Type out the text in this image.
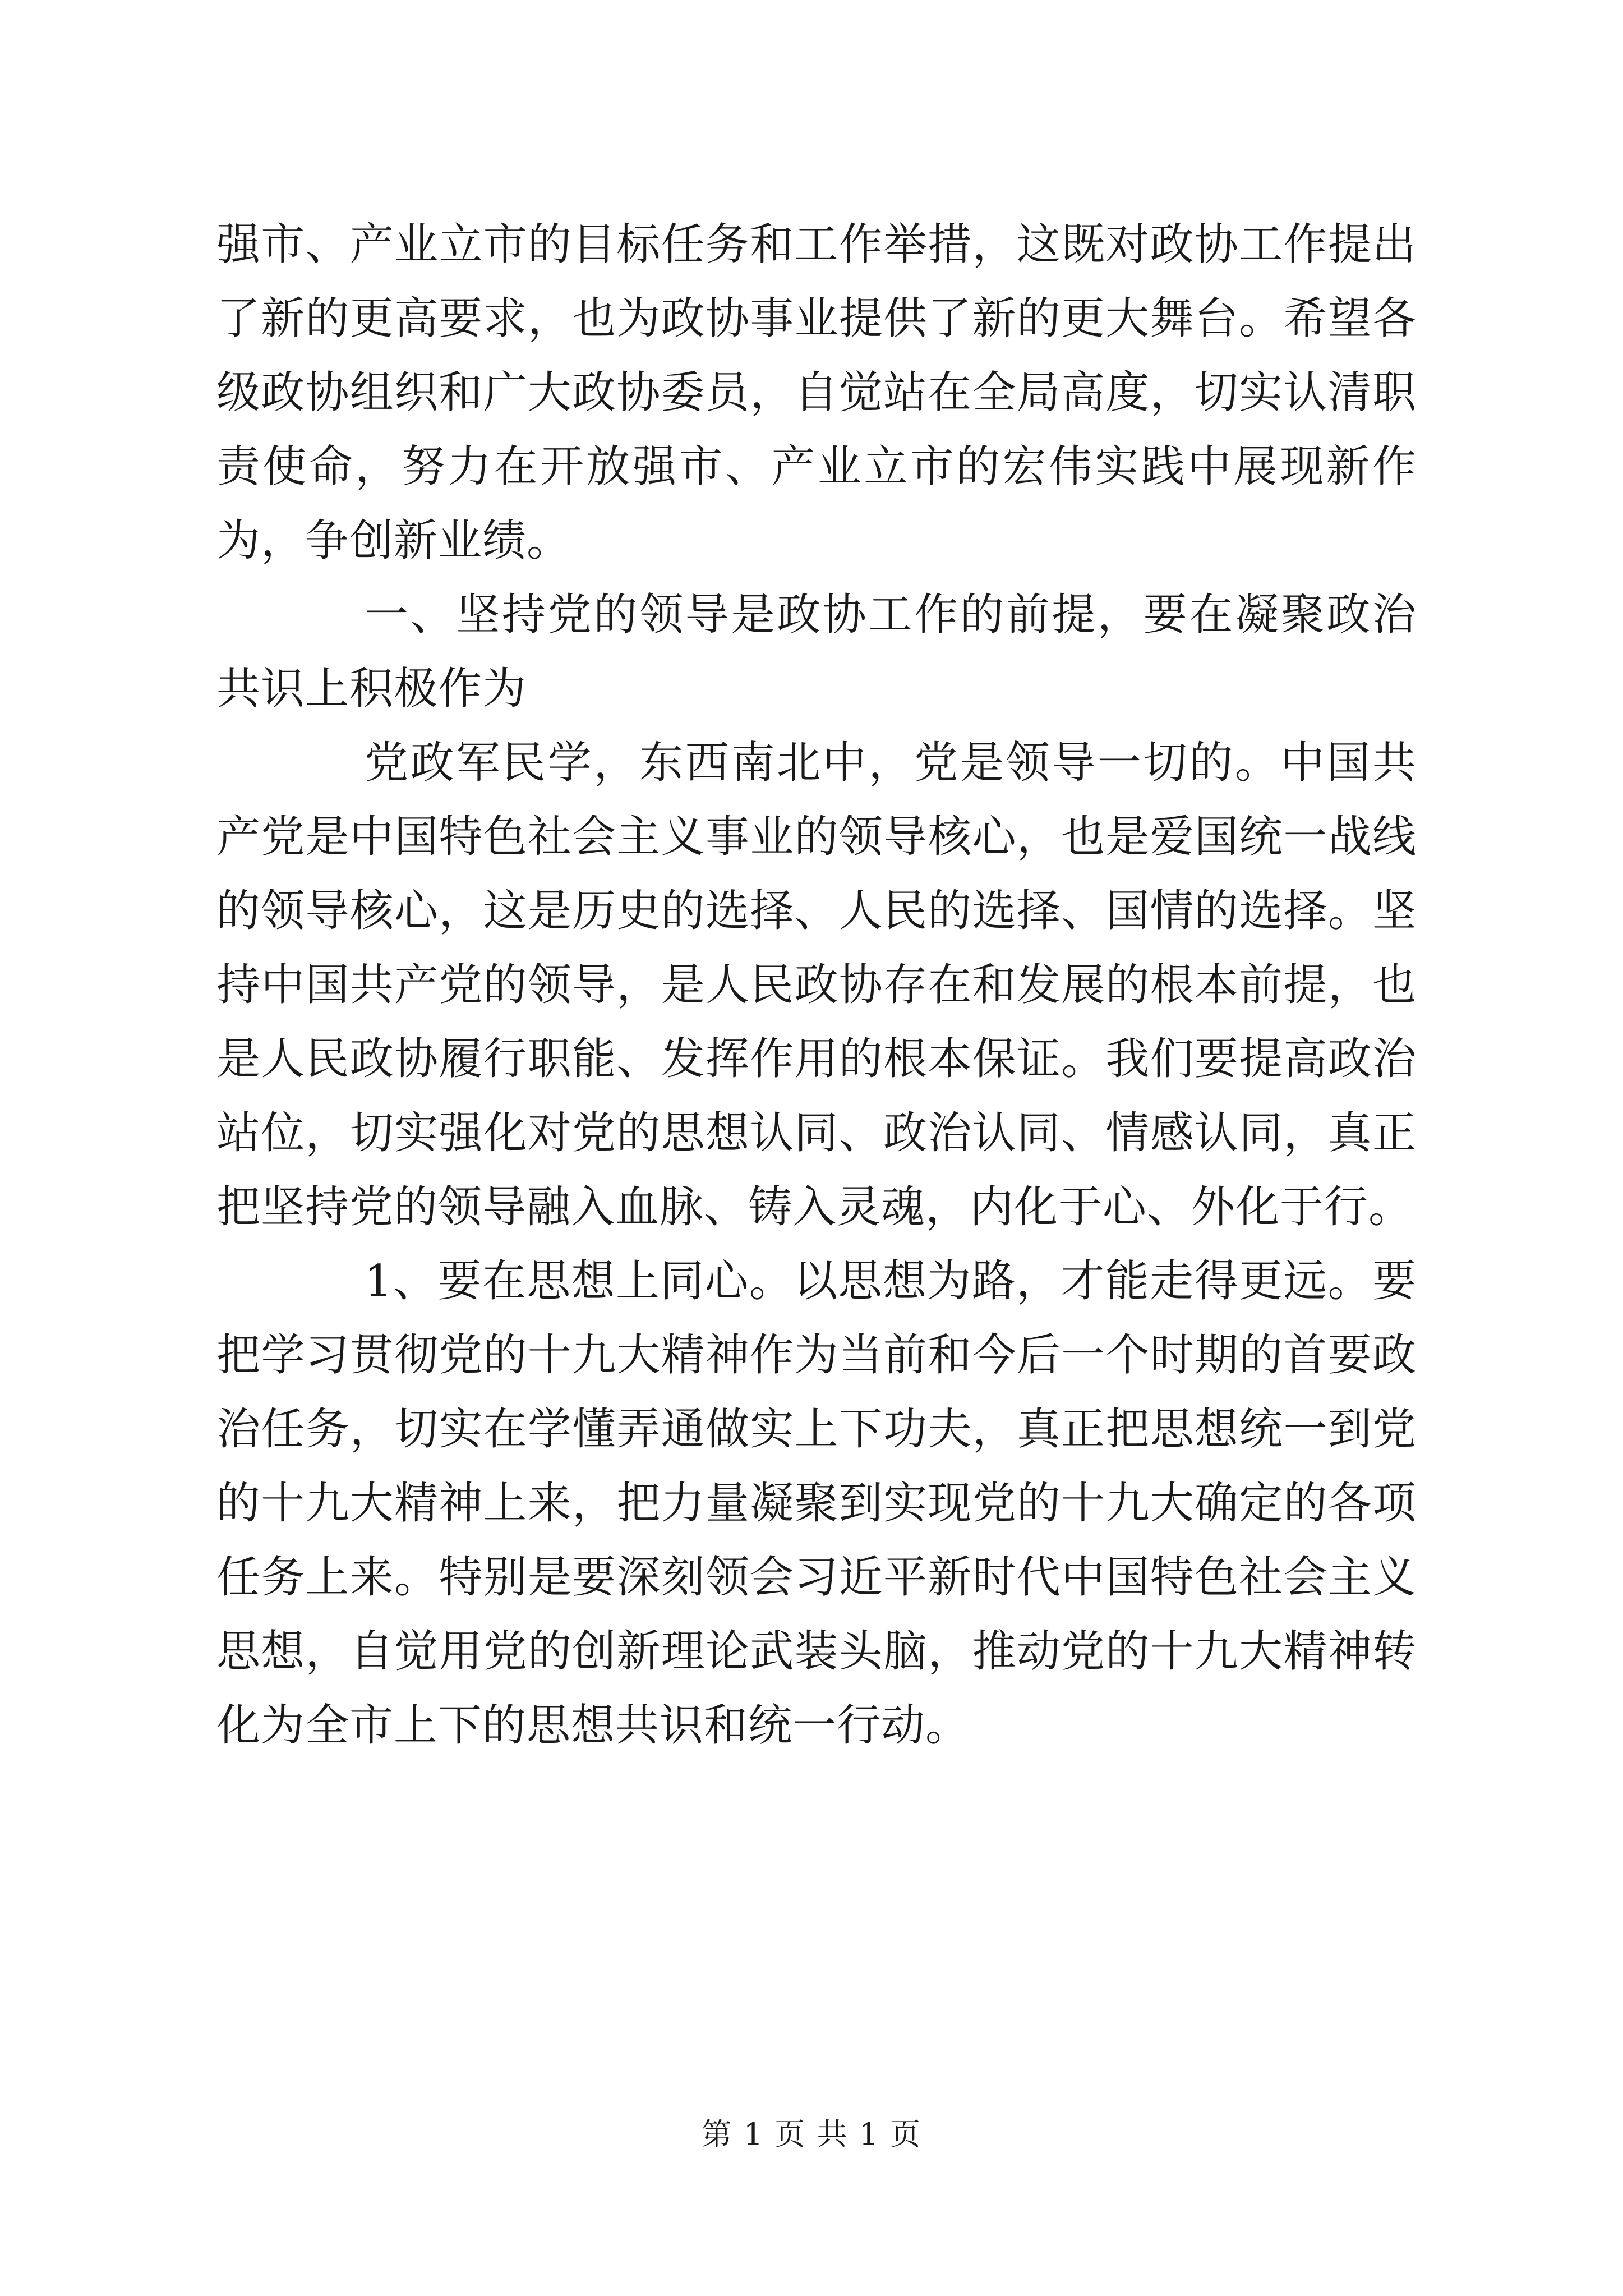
强市、产业立市的目标任务和工作举措，这既对政协工作提出了新的更高要求，也为政协事业提供了新的更大舞台。希望各级政协组织和广大政协委员，自觉站在全局高度，切实认清职责使命，努力在开放强市、产业立市的宏伟实践中展现新作为，争创新业绩。

一、坚持党的领导是政协工作的前提，要在凝聚政治共识上积极作为

党政军民学，东西南北中，党是领导一切的。中国共产党是中国特色社会主义事业的领导核心，也是爱国统一战线的领导核心，这是历史的选择、人民的选择、国情的选择。坚持中国共产党的领导，是人民政协存在和发展的根本前提，也是人民政协履行职能、发挥作用的根本保证。我们要提高政治站位，切实强化对党的思想认同、政治认同、情感认同，真正把坚持党的领导融入血脉、铸入灵魂，内化于心、外化于行。

1、要在思想上同心。以思想为路，才能走得更远。要把学习贯彻党的十九大精神作为当前和今后一个时期的首要政治任务，切实在学懂弄通做实上下功夫，真正把思想统一到党的十九大精神上来，把力量凝聚到实现党的十九大确定的各项任务上来。特别是要深刻领会习近平新时代中国特色社会主义思想，自觉用党的创新理论武装头脑，推动党的十九大精神转化为全市上下的思想共识和统一行动。

第 1 页 共 1 页
